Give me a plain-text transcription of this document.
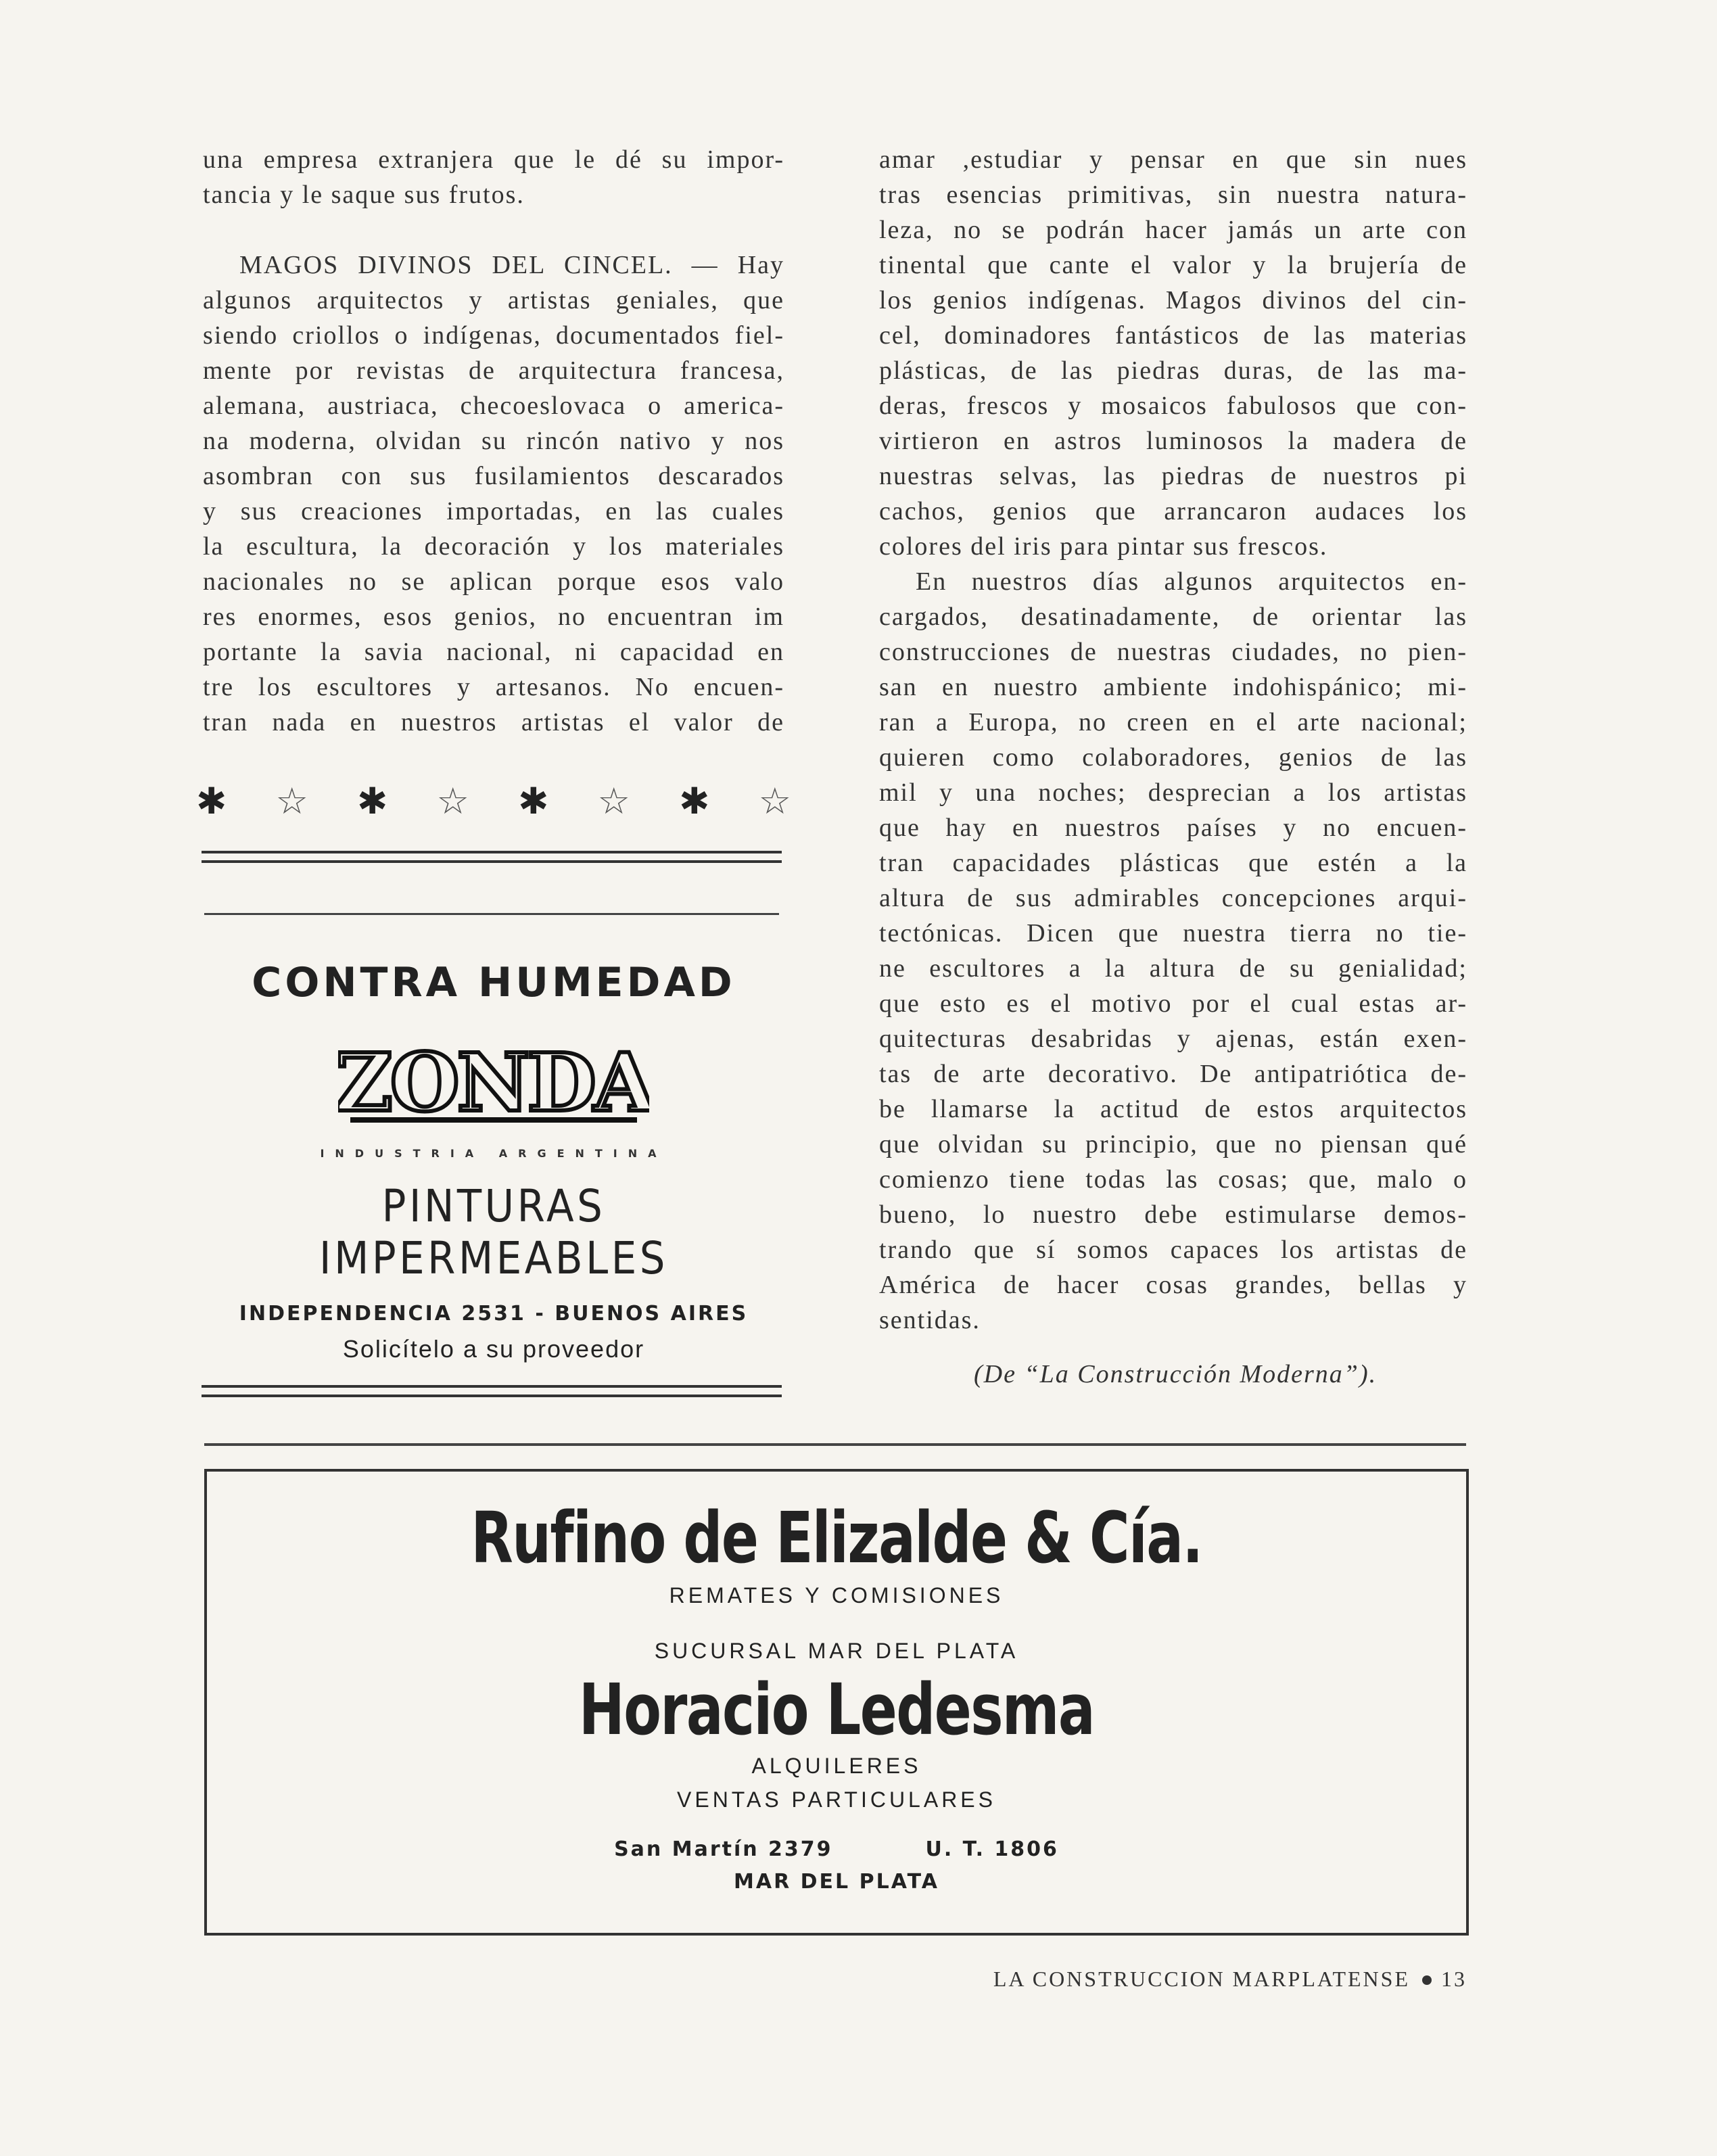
una empresa extranjera que le dé su impor-
tancia y le saque sus frutos.
MAGOS DIVINOS DEL CINCEL. — Hay
algunos arquitectos y artistas geniales, que
siendo criollos o indígenas, documentados fiel-
mente por revistas de arquitectura francesa,
alemana, austriaca, checoeslovaca o america-
na moderna, olvidan su rincón nativo y nos
asombran con sus fusilamientos descarados
y sus creaciones importadas, en las cuales
la escultura, la decoración y los materiales
nacionales no se aplican porque esos valo
res enormes, esos genios, no encuentran im
portante la savia nacional, ni capacidad en
tre los escultores y artesanos. No encuen-
tran nada en nuestros artistas el valor de
✱ ☆ ✱ ☆ ✱ ☆ ✱ ☆
CONTRA HUMEDAD
ZONDA
INDUSTRIA ARGENTINA
PINTURAS IMPERMEABLES
INDEPENDENCIA 2531 - BUENOS AIRES
Solicítelo a su proveedor
amar ,estudiar y pensar en que sin nues
tras esencias primitivas, sin nuestra natura-
leza, no se podrán hacer jamás un arte con
tinental que cante el valor y la brujería de
los genios indígenas. Magos divinos del cin-
cel, dominadores fantásticos de las materias
plásticas, de las piedras duras, de las ma-
deras, frescos y mosaicos fabulosos que con-
virtieron en astros luminosos la madera de
nuestras selvas, las piedras de nuestros pi
cachos, genios que arrancaron audaces los
colores del iris para pintar sus frescos.
En nuestros días algunos arquitectos en-
cargados, desatinadamente, de orientar las
construcciones de nuestras ciudades, no pien-
san en nuestro ambiente indohispánico; mi-
ran a Europa, no creen en el arte nacional;
quieren como colaboradores, genios de las
mil y una noches; desprecian a los artistas
que hay en nuestros países y no encuen-
tran capacidades plásticas que estén a la
altura de sus admirables concepciones arqui-
tectónicas. Dicen que nuestra tierra no tie-
ne escultores a la altura de su genialidad;
que esto es el motivo por el cual estas ar-
quitecturas desabridas y ajenas, están exen-
tas de arte decorativo. De antipatriótica de-
be llamarse la actitud de estos arquitectos
que olvidan su principio, que no piensan qué
comienzo tiene todas las cosas; que, malo o
bueno, lo nuestro debe estimularse demos-
trando que sí somos capaces los artistas de
América de hacer cosas grandes, bellas y
sentidas.
(De “La Construcción Moderna”).
Rufino de Elizalde & Cía.
REMATES Y COMISIONES
SUCURSAL MAR DEL PLATA
Horacio Ledesma
ALQUILERES
VENTAS PARTICULARES
San Martín 2379	U. T. 1806
MAR DEL PLATA
LA CONSTRUCCION MARPLATENSE 13
